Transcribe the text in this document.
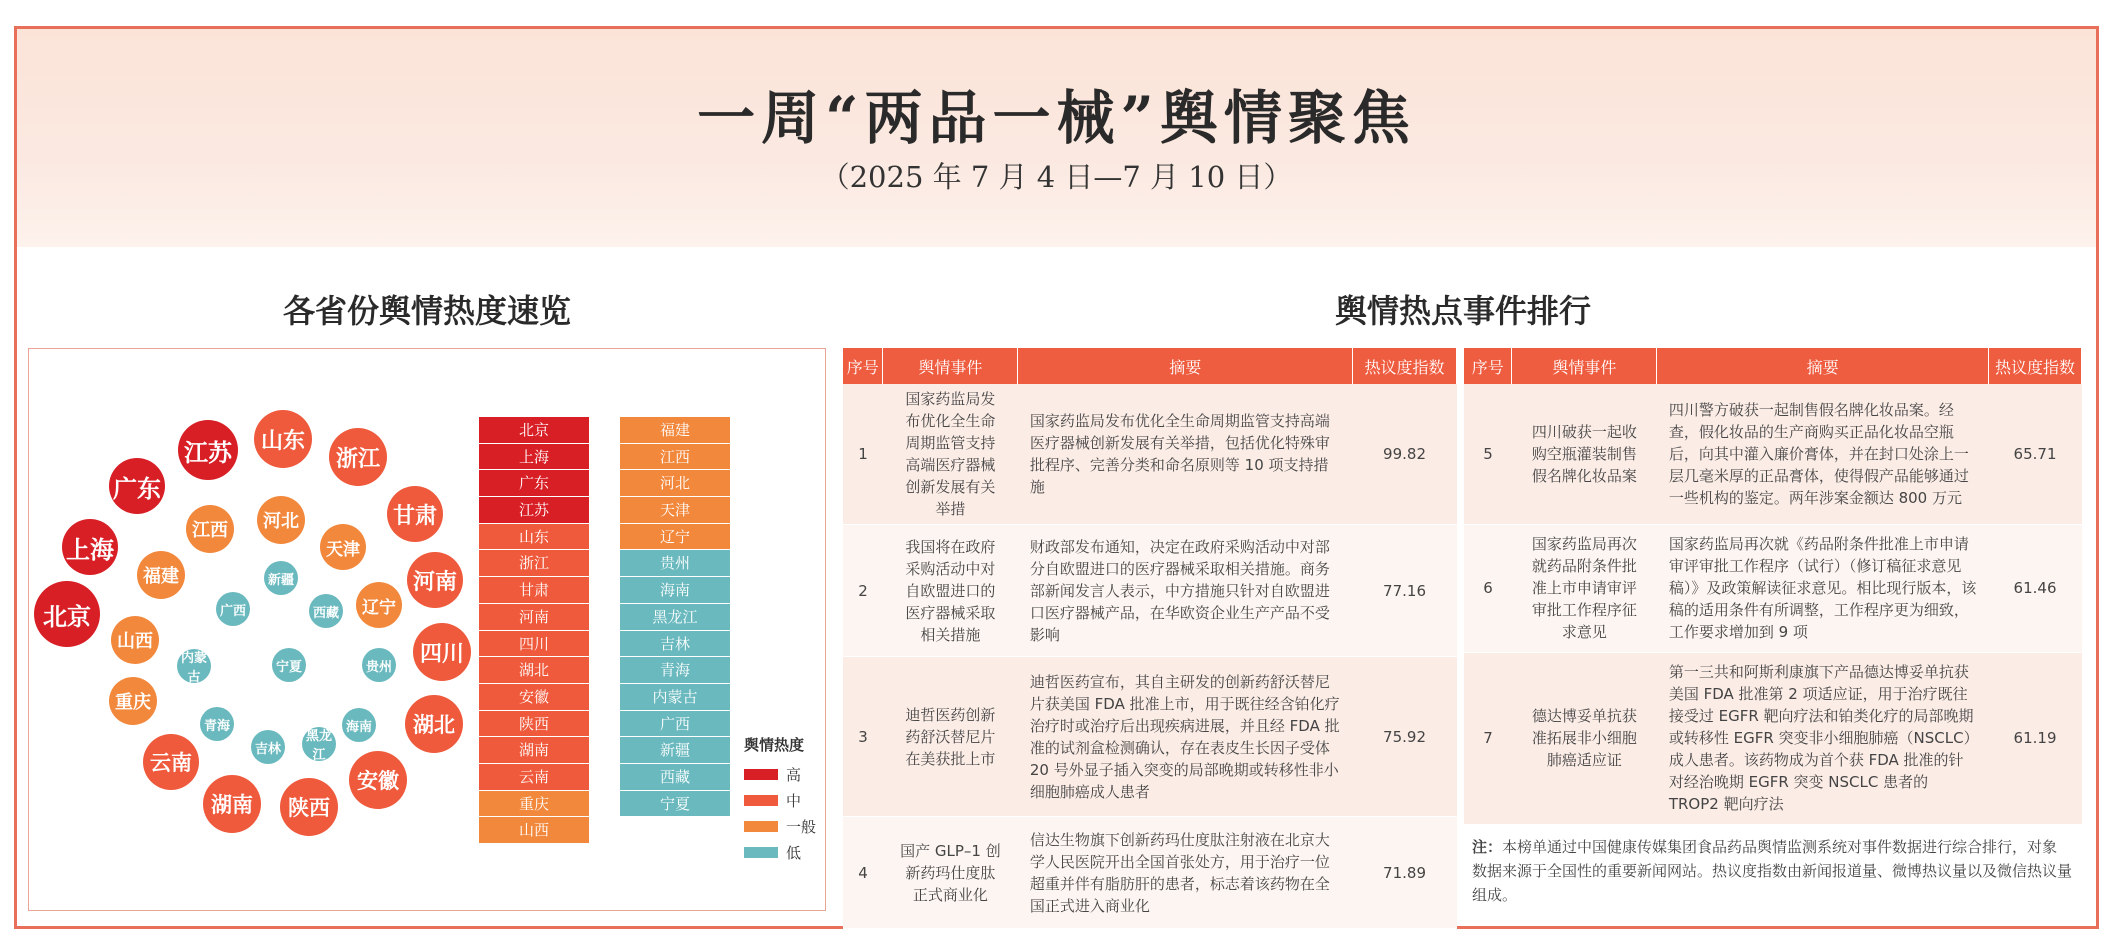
一周“两品一械”舆情聚焦
（2025 年 7 月 4 日—7 月 10 日）
各省份舆情热度速览	舆情热点事件排行
北京
上海
广东
江苏	山东
浙江
甘肃
河南
四川
湖北
安徽
陕西
湖南
云南
重庆
山西
福建
江西	河北
天津
辽宁
贵州
海南
黑龙江
吉林
青海
内蒙古
广西
新疆
西藏
宁夏
北京
上海
广东
江苏
山东
浙江
甘肃
河南
四川
湖北
安徽
陕西
湖南
云南
重庆
山西
福建
江西
河北
天津
辽宁
贵州
海南
黑龙江
吉林
青海
内蒙古
广西
新疆
西藏
宁夏
舆情热度
高
中
一般
低
序号	舆情事件	摘要	热议度指数
1	国家药监局发布优化全生命周期监管支持高端医疗器械创新发展有关举措	国家药监局发布优化全生命周期监管支持高端医疗器械创新发展有关举措，包括优化特殊审批程序、完善分类和命名原则等 10 项支持措施	99.82
2	我国将在政府采购活动中对自欧盟进口的医疗器械采取相关措施	财政部发布通知，决定在政府采购活动中对部分自欧盟进口的医疗器械采取相关措施。商务部新闻发言人表示，中方措施只针对自欧盟进口医疗器械产品，在华欧资企业生产产品不受影响	77.16
3	迪哲医药创新药舒沃替尼片在美获批上市	迪哲医药宣布，其自主研发的创新药舒沃替尼片获美国 FDA 批准上市，用于既往经含铂化疗治疗时或治疗后出现疾病进展，并且经 FDA 批准的试剂盒检测确认，存在表皮生长因子受体 20 号外显子插入突变的局部晚期或转移性非小细胞肺癌成人患者	75.92
4	国产 GLP–1 创新药玛仕度肽正式商业化	信达生物旗下创新药玛仕度肽注射液在北京大学人民医院开出全国首张处方，用于治疗一位超重并伴有脂肪肝的患者，标志着该药物在全国正式进入商业化	71.89
序号	舆情事件	摘要	热议度指数
5	四川破获一起收购空瓶灌装制售假名牌化妆品案	四川警方破获一起制售假名牌化妆品案。经查，假化妆品的生产商购买正品化妆品空瓶后，向其中灌入廉价膏体，并在封口处涂上一层几毫米厚的正品膏体，使得假产品能够通过一些机构的鉴定。两年涉案金额达 800 万元	65.71
6	国家药监局再次就药品附条件批准上市申请审评审批工作程序征求意见	国家药监局再次就《药品附条件批准上市申请审评审批工作程序（试行）（修订稿征求意见稿）》及政策解读征求意见。相比现行版本，该稿的适用条件有所调整，工作程序更为细致，工作要求增加到 9 项	61.46
7	德达博妥单抗获准拓展非小细胞肺癌适应证	第一三共和阿斯利康旗下产品德达博妥单抗获美国 FDA 批准第 2 项适应证，用于治疗既往接受过 EGFR 靶向疗法和铂类化疗的局部晚期或转移性 EGFR 突变非小细胞肺癌（NSCLC）成人患者。该药物成为首个获 FDA 批准的针对经治晚期 EGFR 突变 NSCLC 患者的 TROP2 靶向疗法	61.19
注：本榜单通过中国健康传媒集团食品药品舆情监测系统对事件数据进行综合排行，对象数据来源于全国性的重要新闻网站。热议度指数由新闻报道量、微博热议量以及微信热议量组成。
